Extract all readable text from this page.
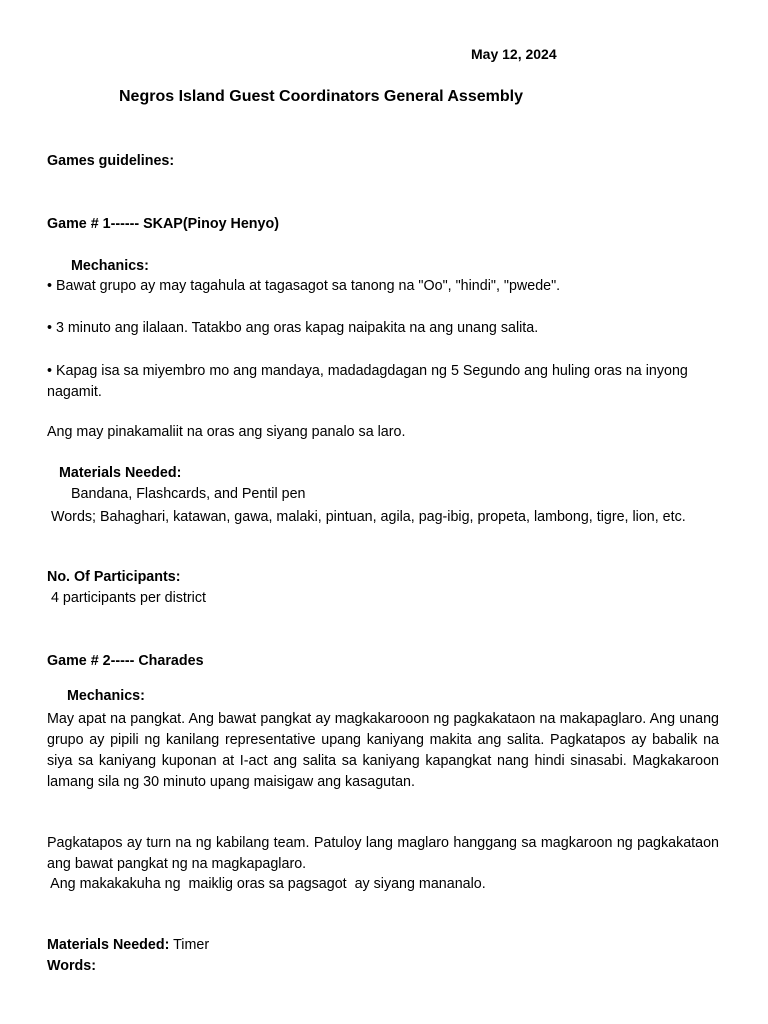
May 12, 2024
Negros Island Guest Coordinators General Assembly
Games guidelines:
Game # 1------ SKAP(Pinoy Henyo)
Mechanics:
• Bawat grupo ay may tagahula at tagasagot sa tanong na "Oo", "hindi", "pwede".
• 3 minuto ang ilalaan. Tatakbo ang oras kapag naipakita na ang unang salita.
• Kapag isa sa miyembro mo ang mandaya, madadagdagan ng 5 Segundo ang huling oras na inyong nagamit.
Ang may pinakamaliit na oras ang siyang panalo sa laro.
Materials Needed:
Bandana, Flashcards, and Pentil pen
Words; Bahaghari, katawan, gawa, malaki, pintuan, agila, pag-ibig, propeta, lambong, tigre, lion, etc.
No. Of Participants:
4 participants per district
Game # 2----- Charades
Mechanics:
May apat na pangkat. Ang bawat pangkat ay magkakarooon ng pagkakataon na makapaglaro. Ang unang grupo ay pipili ng kanilang representative upang kaniyang makita ang salita. Pagkatapos ay babalik na siya sa kaniyang kuponan at I-act ang salita sa kaniyang kapangkat nang hindi sinasabi. Magkakaroon lamang sila ng 30 minuto upang maisigaw ang kasagutan.
Pagkatapos ay turn na ng kabilang team. Patuloy lang maglaro hanggang sa magkaroon ng pagkakataon ang bawat pangkat ng na magkapaglaro.
Ang makakakuha ng  maiklig oras sa pagsagot  ay siyang mananalo.
Materials Needed: Timer
Words:
